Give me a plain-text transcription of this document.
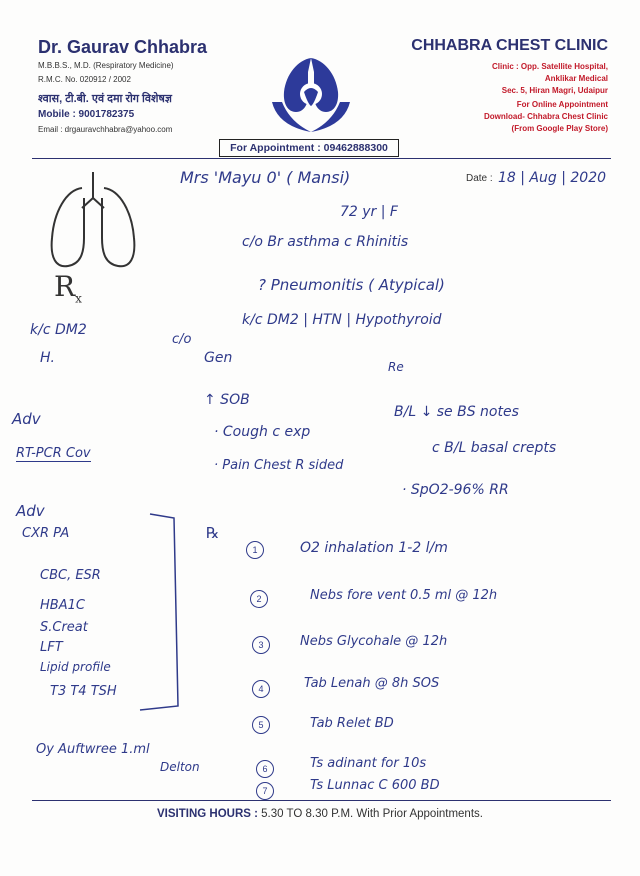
Dr. Gaurav Chhabra
M.B.B.S., M.D. (Respiratory Medicine)
R.M.C. No. 020912 / 2002
श्वास, टी.बी. एवं दमा रोग विशेषज्ञ
Mobile : 9001782375
Email : drgauravchhabra@yahoo.com
CHHABRA CHEST CLINIC
Clinic : Opp. Satellite Hospital,
Anklikar Medical
Sec. 5, Hiran Magri, Udaipur
For Online Appointment
Download- Chhabra Chest Clinic
(From Google Play Store)
For Appointment : 09462888300
$R_x$
Date : 18 | Aug | 2020
Mrs 'Mayu 0' ( Mansi)
72 yr | F
c/o Br asthma c Rhinitis
? Pneumonitis ( Atypical)
k/c DM2 | HTN | Hypothyroid
k/c DM2
H.
c/o
Gen
Re
↑ SOB
· Cough c exp
· Pain Chest R sided
B/L ↓ se BS notes
c B/L basal crepts
· SpO2-96% RR
Adv
RT-PCR Cov
Adv
CXR PA
CBC, ESR
HBA1C
S.Creat
LFT
Lipid profile
T3 T4 TSH
Oy Auftwree 1.ml
Delton
℞
1	O2 inhalation 1-2 l/m
2	Nebs fore vent 0.5 ml @ 12h
3	Nebs Glycohale @ 12h
4	Tab Lenah @ 8h SOS
5	Tab Relet BD
6	Ts adinant for 10s
7	Ts Lunnac C 600 BD
VISITING HOURS : 5.30 TO 8.30 P.M. With Prior Appointments.
